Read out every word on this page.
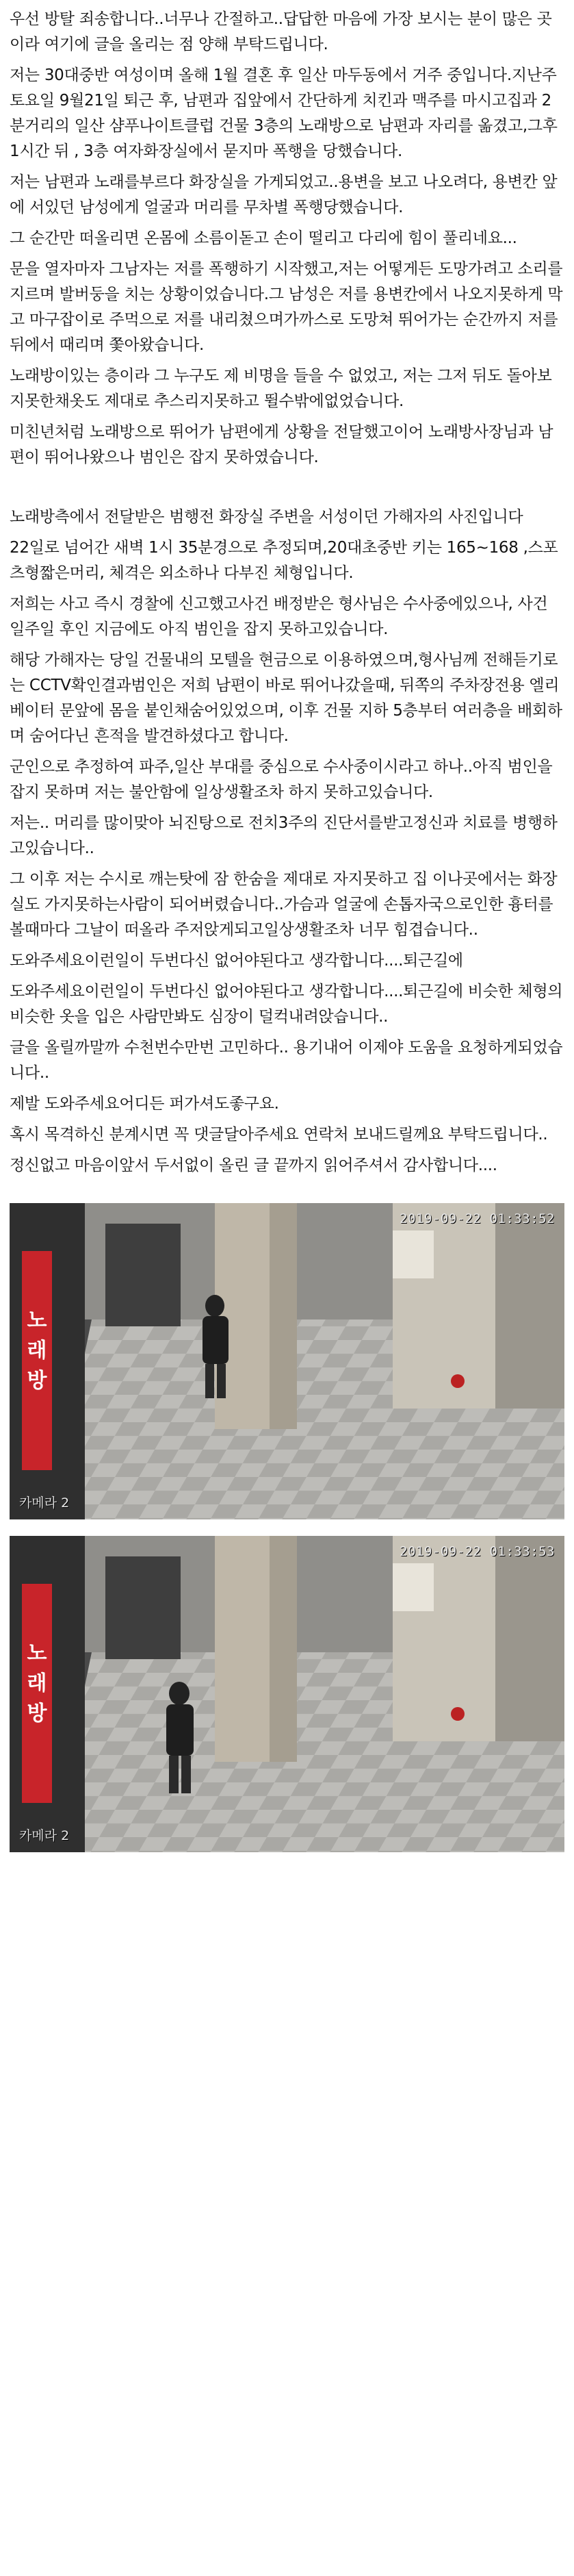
우선 방탈 죄송합니다..너무나 간절하고..답답한 마음에 가장 보시는 분이 많은 곳이라 여기에 글을 올리는 점 양해 부탁드립니다.

저는 30대중반 여성이며 올해 1월 결혼 후 일산 마두동에서 거주 중입니다.지난주 토요일 9월21일 퇴근 후, 남편과 집앞에서 간단하게 치킨과 맥주를 마시고집과 2분거리의 일산 샴푸나이트클럽 건물 3층의 노래방으로 남편과 자리를 옮겼고,그후 1시간 뒤 , 3층 여자화장실에서 묻지마 폭행을 당했습니다.

저는 남편과 노래를부르다 화장실을 가게되었고..용변을 보고 나오려다, 용변칸 앞에 서있던 남성에게 얼굴과 머리를 무차별 폭행당했습니다.

그 순간만 떠올리면 온몸에 소름이돋고 손이 떨리고 다리에 힘이 풀리네요...

문을 열자마자 그남자는 저를 폭행하기 시작했고,저는 어떻게든 도망가려고 소리를 지르며 발버둥을 치는 상황이었습니다.그 남성은 저를 용변칸에서 나오지못하게 막고 마구잡이로 주먹으로 저를 내리쳤으며가까스로 도망쳐 뛰어가는 순간까지 저를 뒤에서 때리며 쫓아왔습니다.

노래방이있는 층이라 그 누구도 제 비명을 들을 수 없었고, 저는 그저 뒤도 돌아보지못한채옷도 제대로 추스리지못하고 뛸수밖에없었습니다.

미친년처럼 노래방으로 뛰어가 남편에게 상황을 전달했고이어 노래방사장님과 남편이 뛰어나왔으나 범인은 잡지 못하였습니다.

노래방측에서 전달받은 범행전 화장실 주변을 서성이던 가해자의 사진입니다

22일로 넘어간 새벽 1시 35분경으로 추정되며,20대초중반 키는 165~168 ,스포츠형짧은머리, 체격은 외소하나 다부진 체형입니다.

저희는 사고 즉시 경찰에 신고했고사건 배정받은 형사님은 수사중에있으나, 사건 일주일 후인 지금에도 아직 범인을 잡지 못하고있습니다.

해당 가해자는 당일 건물내의 모텔을 현금으로 이용하였으며,형사님께 전해듣기로는 CCTV확인결과범인은 저희 남편이 바로 뛰어나갔을때, 뒤쪽의 주차장전용 엘리베이터 문앞에 몸을 붙인채숨어있었으며, 이후 건물 지하 5층부터 여러층을 배회하며 숨어다닌 흔적을 발견하셨다고 합니다.

군인으로 추정하여 파주,일산 부대를 중심으로 수사중이시라고 하나..아직 범인을 잡지 못하며 저는 불안함에 일상생활조차 하지 못하고있습니다.

저는.. 머리를 많이맞아 뇌진탕으로 전치3주의 진단서를받고정신과 치료를 병행하고있습니다..

그 이후 저는 수시로 깨는탓에 잠 한숨을 제대로 자지못하고 집 이나곳에서는 화장실도 가지못하는사람이 되어버렸습니다..가슴과 얼굴에 손톱자국으로인한 흉터를볼때마다 그날이 떠올라 주저앉게되고일상생활조차 너무 힘겹습니다..

도와주세요이런일이 두번다신 없어야된다고 생각합니다....퇴근길에

도와주세요이런일이 두번다신 없어야된다고 생각합니다....퇴근길에 비슷한 체형의 비슷한 옷을 입은 사람만봐도 심장이 덜컥내려앉습니다..

글을 올릴까말까 수천번수만번 고민하다.. 용기내어 이제야 도움을 요청하게되었습니다..

제발 도와주세요어디든 퍼가셔도좋구요.

혹시 목격하신 분계시면 꼭 댓글달아주세요 연락처 보내드릴께요 부탁드립니다..

정신없고 마음이앞서 두서없이 올린 글 끝까지 읽어주셔서 감사합니다....

노래방
2019-09-22 01:33:52
카메라 2
노래방
2019-09-22 01:33:53
카메라 2
